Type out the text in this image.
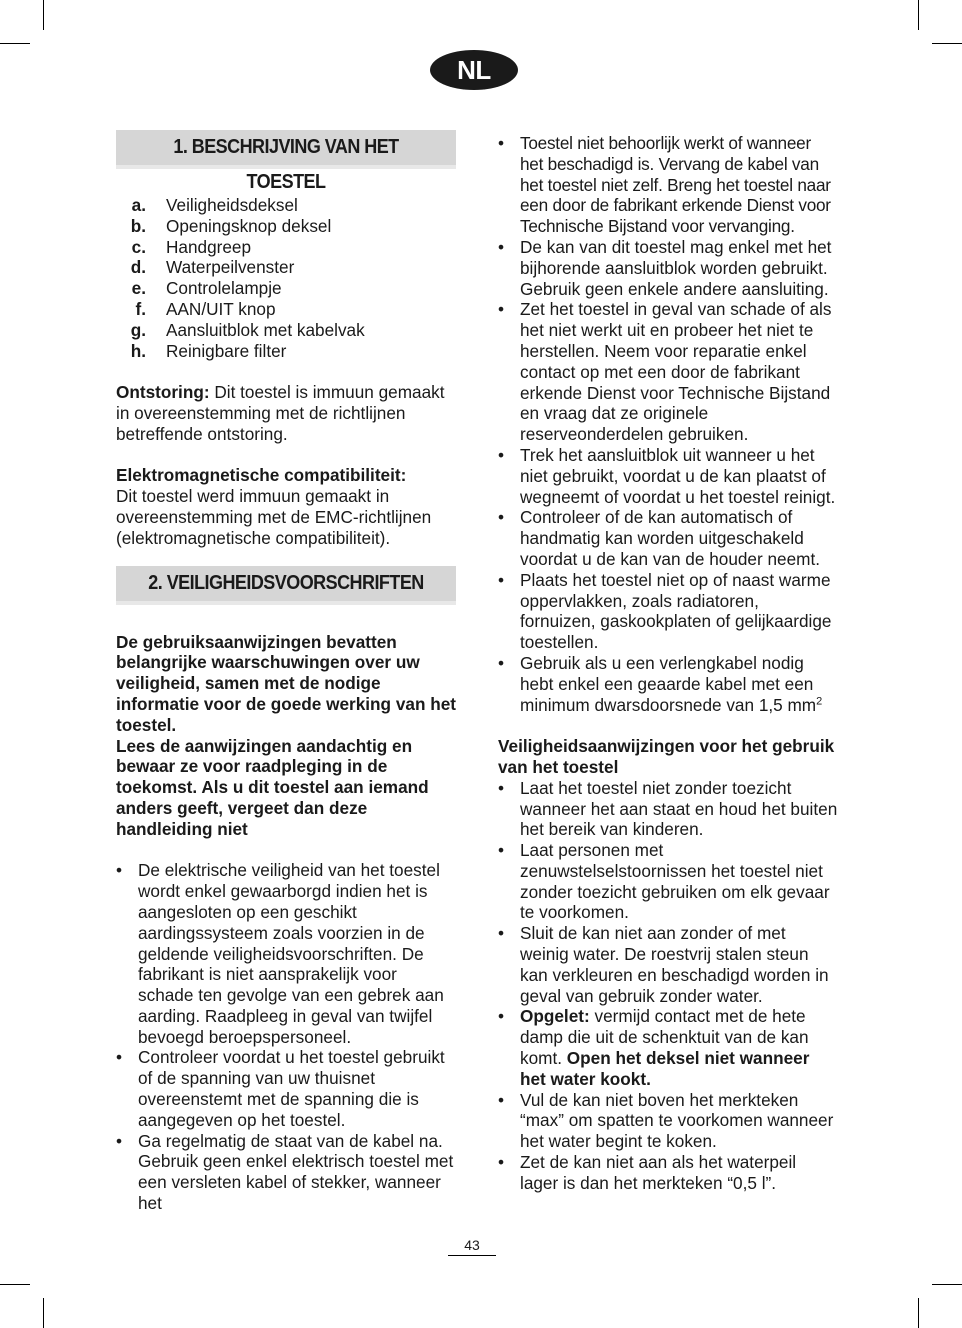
NL
1. BESCHRIJVING VAN HET TOESTEL
a.	Veiligheidsdeksel
b.	Openingsknop deksel
c.	Handgreep
d.	Waterpeilvenster
e.	Controlelampje
f.	AAN/UIT knop
g.	Aansluitblok met kabelvak
h.	Reinigbare filter

Ontstoring: Dit toestel is immuun gemaakt in overeenstemming met de richtlijnen betreffende ontstoring.

Elektromagnetische compatibiliteit:
Dit toestel werd immuun gemaakt in overeenstemming met de EMC-richtlijnen (elektromagnetische compatibiliteit).

2. VEILIGHEIDSVOORSCHRIFTEN

De gebruiksaanwijzingen bevatten belangrijke waarschuwingen over uw veiligheid, samen met de nodige informatie voor de goede werking van het toestel.

Lees de aanwijzingen aandachtig en bewaar ze voor raadpleging in de toekomst. Als u dit toestel aan iemand anders geeft, vergeet dan deze handleiding niet

• De elektrische veiligheid van het toestel wordt enkel gewaarborgd indien het is aangesloten op een geschikt aardingssysteem zoals voorzien in de geldende veiligheidsvoorschriften. De fabrikant is niet aansprakelijk voor schade ten gevolge van een gebrek aan aarding. Raadpleeg in geval van twijfel bevoegd beroepspersoneel.
• Controleer voordat u het toestel gebruikt of de spanning van uw thuisnet overeenstemt met de spanning die is aangegeven op het toestel.
• Ga regelmatig de staat van de kabel na. Gebruik geen enkel elektrisch toestel met een versleten kabel of stekker, wanneer het
• Toestel niet behoorlijk werkt of wanneer het beschadigd is. Vervang de kabel van het toestel niet zelf. Breng het toestel naar een door de fabrikant erkende Dienst voor Technische Bijstand voor vervanging.
• De kan van dit toestel mag enkel met het bijhorende aansluitblok worden gebruikt. Gebruik geen enkele andere aansluiting.
• Zet het toestel in geval van schade of als het niet werkt uit en probeer het niet te herstellen. Neem voor reparatie enkel contact op met een door de fabrikant erkende Dienst voor Technische Bijstand en vraag dat ze originele reserveonderdelen gebruiken.
• Trek het aansluitblok uit wanneer u het niet gebruikt, voordat u de kan plaatst of wegneemt of voordat u het toestel reinigt.
• Controleer of de kan automatisch of handmatig kan worden uitgeschakeld voordat u de kan van de houder neemt.
• Plaats het toestel niet op of naast warme oppervlakken, zoals radiatoren, fornuizen, gaskookplaten of gelijkaardige toestellen.
• Gebruik als u een verlengkabel nodig hebt enkel een geaarde kabel met een minimum dwarsdoorsnede van 1,5 $mm^2$

Veiligheidsaanwijzingen voor het gebruik van het toestel

• Laat het toestel niet zonder toezicht wanneer het aan staat en houd het buiten het bereik van kinderen.
• Laat personen met zenuwstelselstoornissen het toestel niet zonder toezicht gebruiken om elk gevaar te voorkomen.
• Sluit de kan niet aan zonder of met weinig water. De roestvrij stalen steun kan verkleuren en beschadigd worden in geval van gebruik zonder water.
• Opgelet: vermijd contact met de hete damp die uit de schenktuit van de kan komt. Open het deksel niet wanneer het water kookt.
• Vul de kan niet boven het merkteken “max” om spatten te voorkomen wanneer het water begint te koken.
• Zet de kan niet aan als het waterpeil lager is dan het merkteken “0,5 l”.
43
